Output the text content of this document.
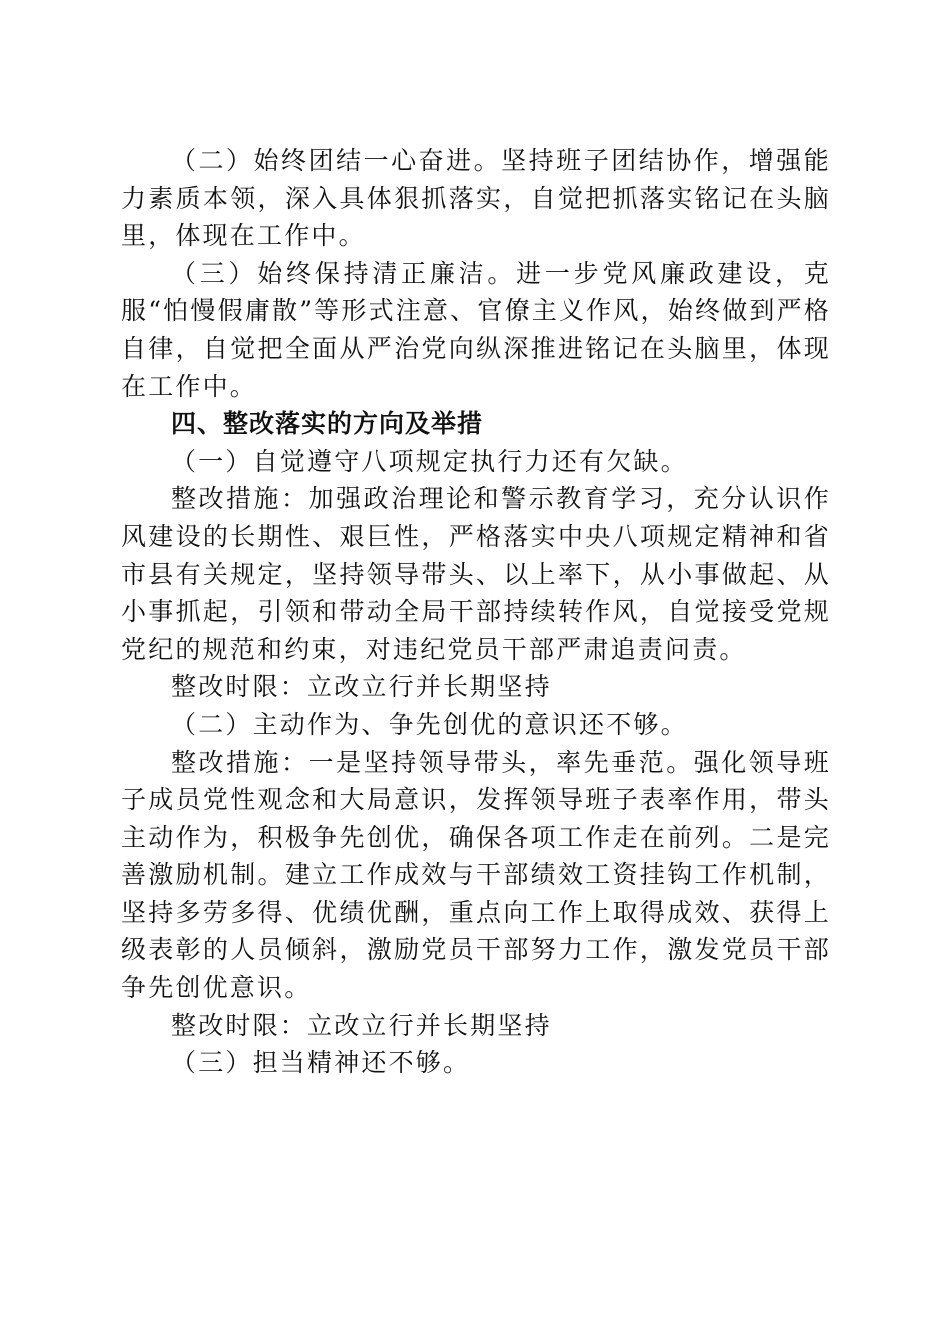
（二）始终团结一心奋进。坚持班子团结协作，增强能力素质本领，深入具体狠抓落实，自觉把抓落实铭记在头脑里，体现在工作中。

（三）始终保持清正廉洁。进一步党风廉政建设，克服“怕慢假庸散”等形式注意、官僚主义作风，始终做到严格自律，自觉把全面从严治党向纵深推进铭记在头脑里，体现在工作中。

四、整改落实的方向及举措

（一）自觉遵守八项规定执行力还有欠缺。

整改措施：加强政治理论和警示教育学习，充分认识作风建设的长期性、艰巨性，严格落实中央八项规定精神和省市县有关规定，坚持领导带头、以上率下，从小事做起、从小事抓起，引领和带动全局干部持续转作风，自觉接受党规党纪的规范和约束，对违纪党员干部严肃追责问责。

整改时限：立改立行并长期坚持

（二）主动作为、争先创优的意识还不够。

整改措施：一是坚持领导带头，率先垂范。强化领导班子成员党性观念和大局意识，发挥领导班子表率作用，带头主动作为，积极争先创优，确保各项工作走在前列。二是完善激励机制。建立工作成效与干部绩效工资挂钩工作机制，坚持多劳多得、优绩优酬，重点向工作上取得成效、获得上级表彰的人员倾斜，激励党员干部努力工作，激发党员干部争先创优意识。

整改时限：立改立行并长期坚持

（三）担当精神还不够。
